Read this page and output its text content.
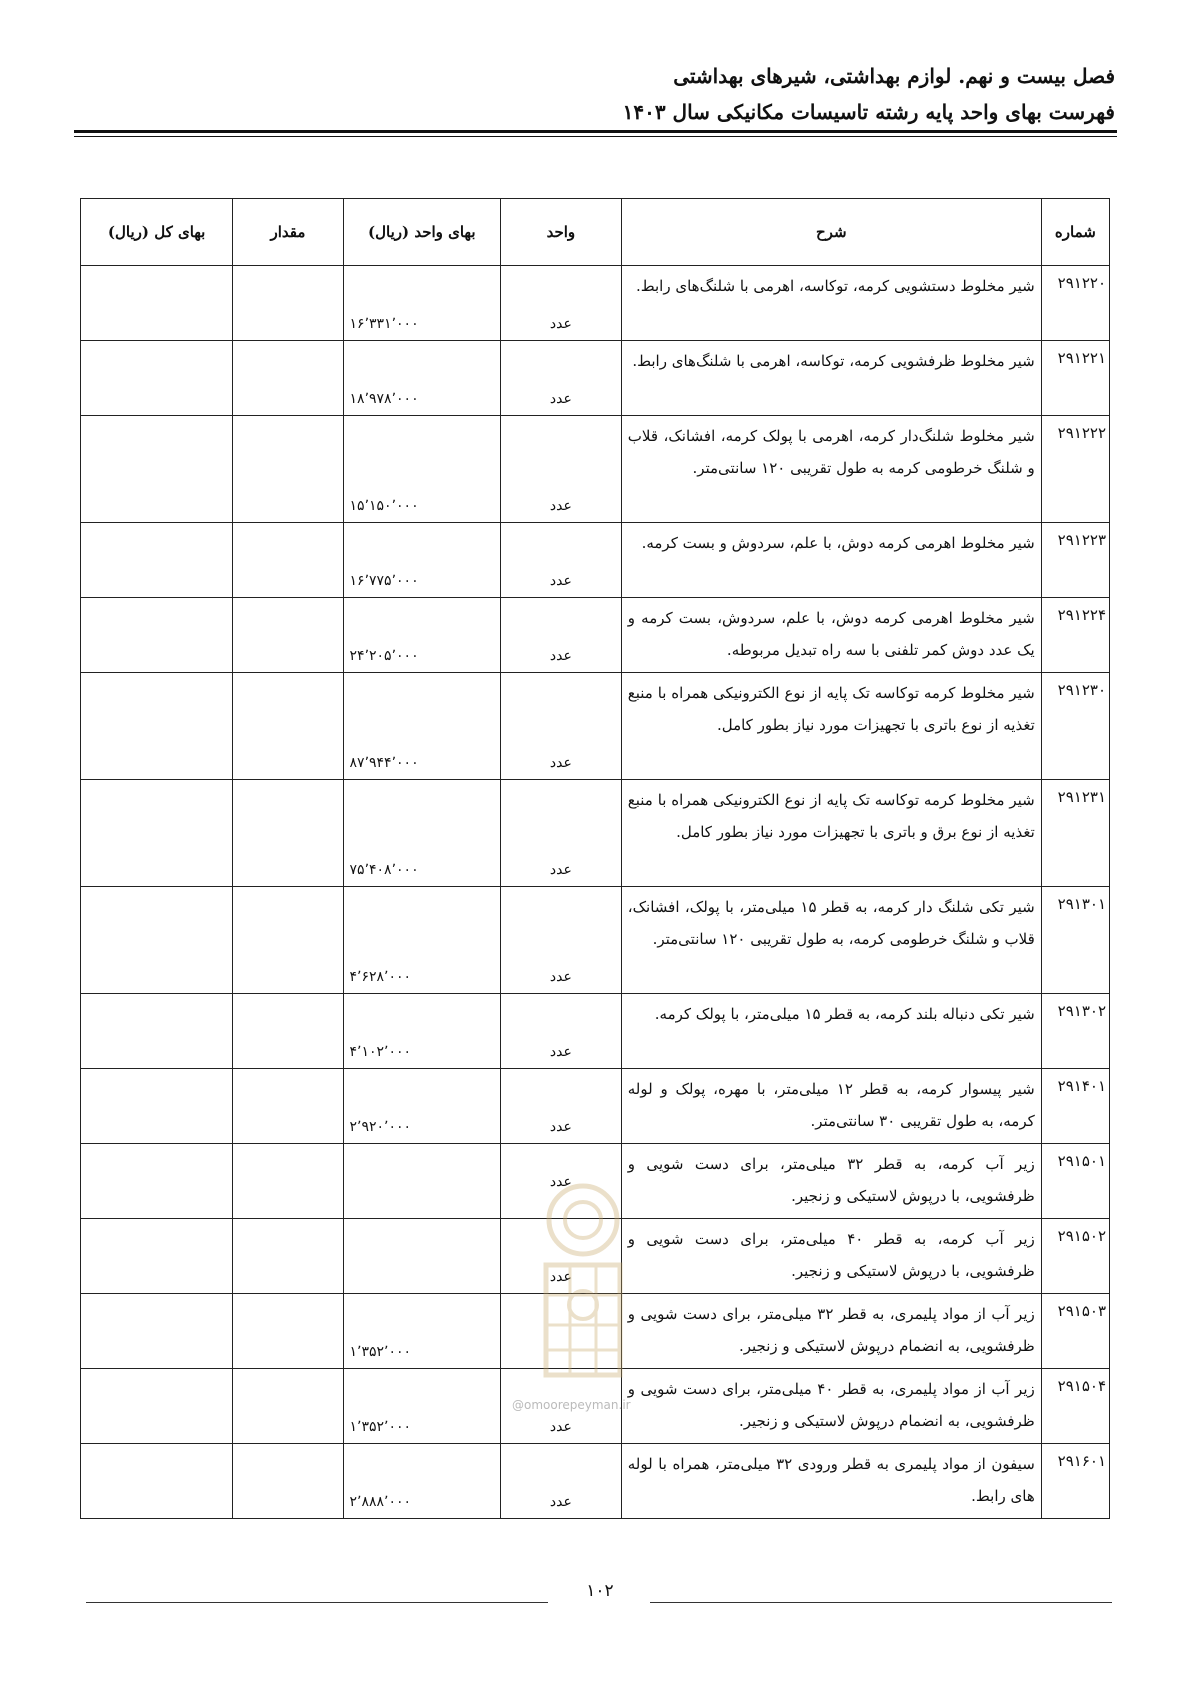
فصل بیست و نهم. لوازم بهداشتی، شیرهای بهداشتی
فهرست بهای واحد پایه رشته تاسیسات مکانیکی سال ۱۴۰۳
شماره	شرح	واحد	بهای واحد (ریال)	مقدار	بهای کل (ریال)
۲۹۱۲۲۰	شیر مخلوط دستشویی کرمه، توکاسه، اهرمی با شلنگ‌های رابط.	عدد	۱۶٬۳۳۱٬۰۰۰		
۲۹۱۲۲۱	شیر مخلوط ظرفشویی کرمه، توکاسه، اهرمی با شلنگ‌های رابط.	عدد	۱۸٬۹۷۸٬۰۰۰		
۲۹۱۲۲۲	شیر مخلوط شلنگ‌دار کرمه، اهرمی با پولک کرمه، افشانک، قلاب و شلنگ خرطومی کرمه به طول تقریبی ۱۲۰ سانتی‌متر.	عدد	۱۵٬۱۵۰٬۰۰۰		
۲۹۱۲۲۳	شیر مخلوط اهرمی کرمه دوش، با علم، سردوش و بست کرمه.	عدد	۱۶٬۷۷۵٬۰۰۰		
۲۹۱۲۲۴	شیر مخلوط اهرمی کرمه دوش، با علم، سردوش، بست کرمه و یک عدد دوش کمر تلفنی با سه راه تبدیل مربوطه.	عدد	۲۴٬۲۰۵٬۰۰۰		
۲۹۱۲۳۰	شیر مخلوط کرمه توکاسه تک پایه از نوع الکترونیکی همراه با منبع تغذیه از نوع باتری با تجهیزات مورد نیاز بطور کامل.	عدد	۸۷٬۹۴۴٬۰۰۰		
۲۹۱۲۳۱	شیر مخلوط کرمه توکاسه تک پایه از نوع الکترونیکی همراه با منبع تغذیه از نوع برق و باتری با تجهیزات مورد نیاز بطور کامل.	عدد	۷۵٬۴۰۸٬۰۰۰		
۲۹۱۳۰۱	شیر تکی شلنگ دار کرمه، به قطر ۱۵ میلی‌متر، با پولک، افشانک، قلاب و شلنگ خرطومی کرمه، به طول تقریبی ۱۲۰ سانتی‌متر.	عدد	۴٬۶۲۸٬۰۰۰		
۲۹۱۳۰۲	شیر تکی دنباله بلند کرمه، به قطر ۱۵ میلی‌متر، با پولک کرمه.	عدد	۴٬۱۰۲٬۰۰۰		
۲۹۱۴۰۱	شیر پیسوار کرمه، به قطر ۱۲ میلی‌متر، با مهره، پولک و لوله کرمه، به طول تقریبی ۳۰ سانتی‌متر.	عدد	۲٬۹۲۰٬۰۰۰		
۲۹۱۵۰۱	زیر آب کرمه، به قطر ۳۲ میلی‌متر، برای دست شویی و ظرفشویی، با درپوش لاستیکی و زنجیر.	عدد			
۲۹۱۵۰۲	زیر آب کرمه، به قطر ۴۰ میلی‌متر، برای دست شویی و ظرفشویی، با درپوش لاستیکی و زنجیر.	عدد			
۲۹۱۵۰۳	زیر آب از مواد پلیمری، به قطر ۳۲ میلی‌متر، برای دست شویی و ظرفشویی، به انضمام درپوش لاستیکی و زنجیر.		۱٬۳۵۲٬۰۰۰		
۲۹۱۵۰۴	زیر آب از مواد پلیمری، به قطر ۴۰ میلی‌متر، برای دست شویی و ظرفشویی، به انضمام درپوش لاستیکی و زنجیر.	عدد	۱٬۳۵۲٬۰۰۰		
۲۹۱۶۰۱	سیفون از مواد پلیمری به قطر ورودی ۳۲ میلی‌متر، همراه با لوله های رابط.	عدد	۲٬۸۸۸٬۰۰۰		
@omoorepeyman.ir
۱۰۲
